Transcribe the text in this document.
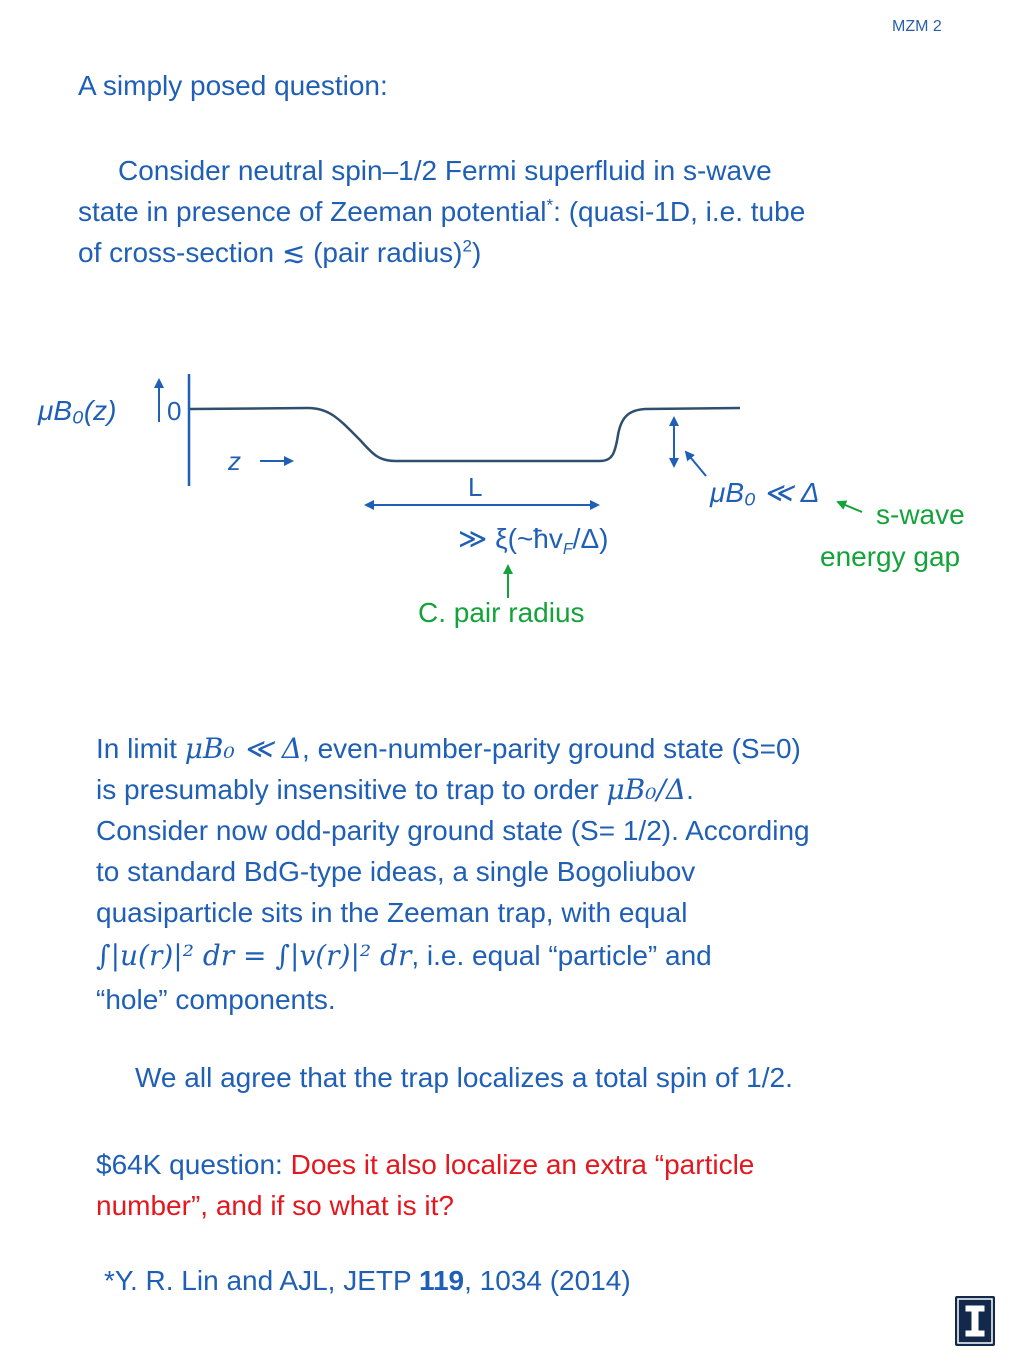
MZM 2
A simply posed question:
Consider neutral spin–1/2 Fermi superfluid in s-wave
state in presence of Zeeman potential*: (quasi-1D, i.e. tube
of cross-section ≲ (pair radius)$^2$)
μB₀(z) 0
z
L
≫ $\xi(\sim ħv_F/\Delta)$
C. pair radius
μB₀ ≪ Δ
s-wave
energy gap
In limit μB₀ ≪ Δ, even-number-parity ground state (S=0)
is presumably insensitive to trap to order μB₀/Δ.
Consider now odd-parity ground state (S= 1/2). According
to standard BdG-type ideas, a single Bogoliubov
quasiparticle sits in the Zeeman trap, with equal
∫|u(r)|² dr = ∫|v(r)|² dr, i.e. equal “particle” and
“hole” components.
We all agree that the trap localizes a total spin of 1/2.
$64K question: Does it also localize an extra “particle
number”, and if so what is it?
*Y. R. Lin and AJL, JETP 119, 1034 (2014)
